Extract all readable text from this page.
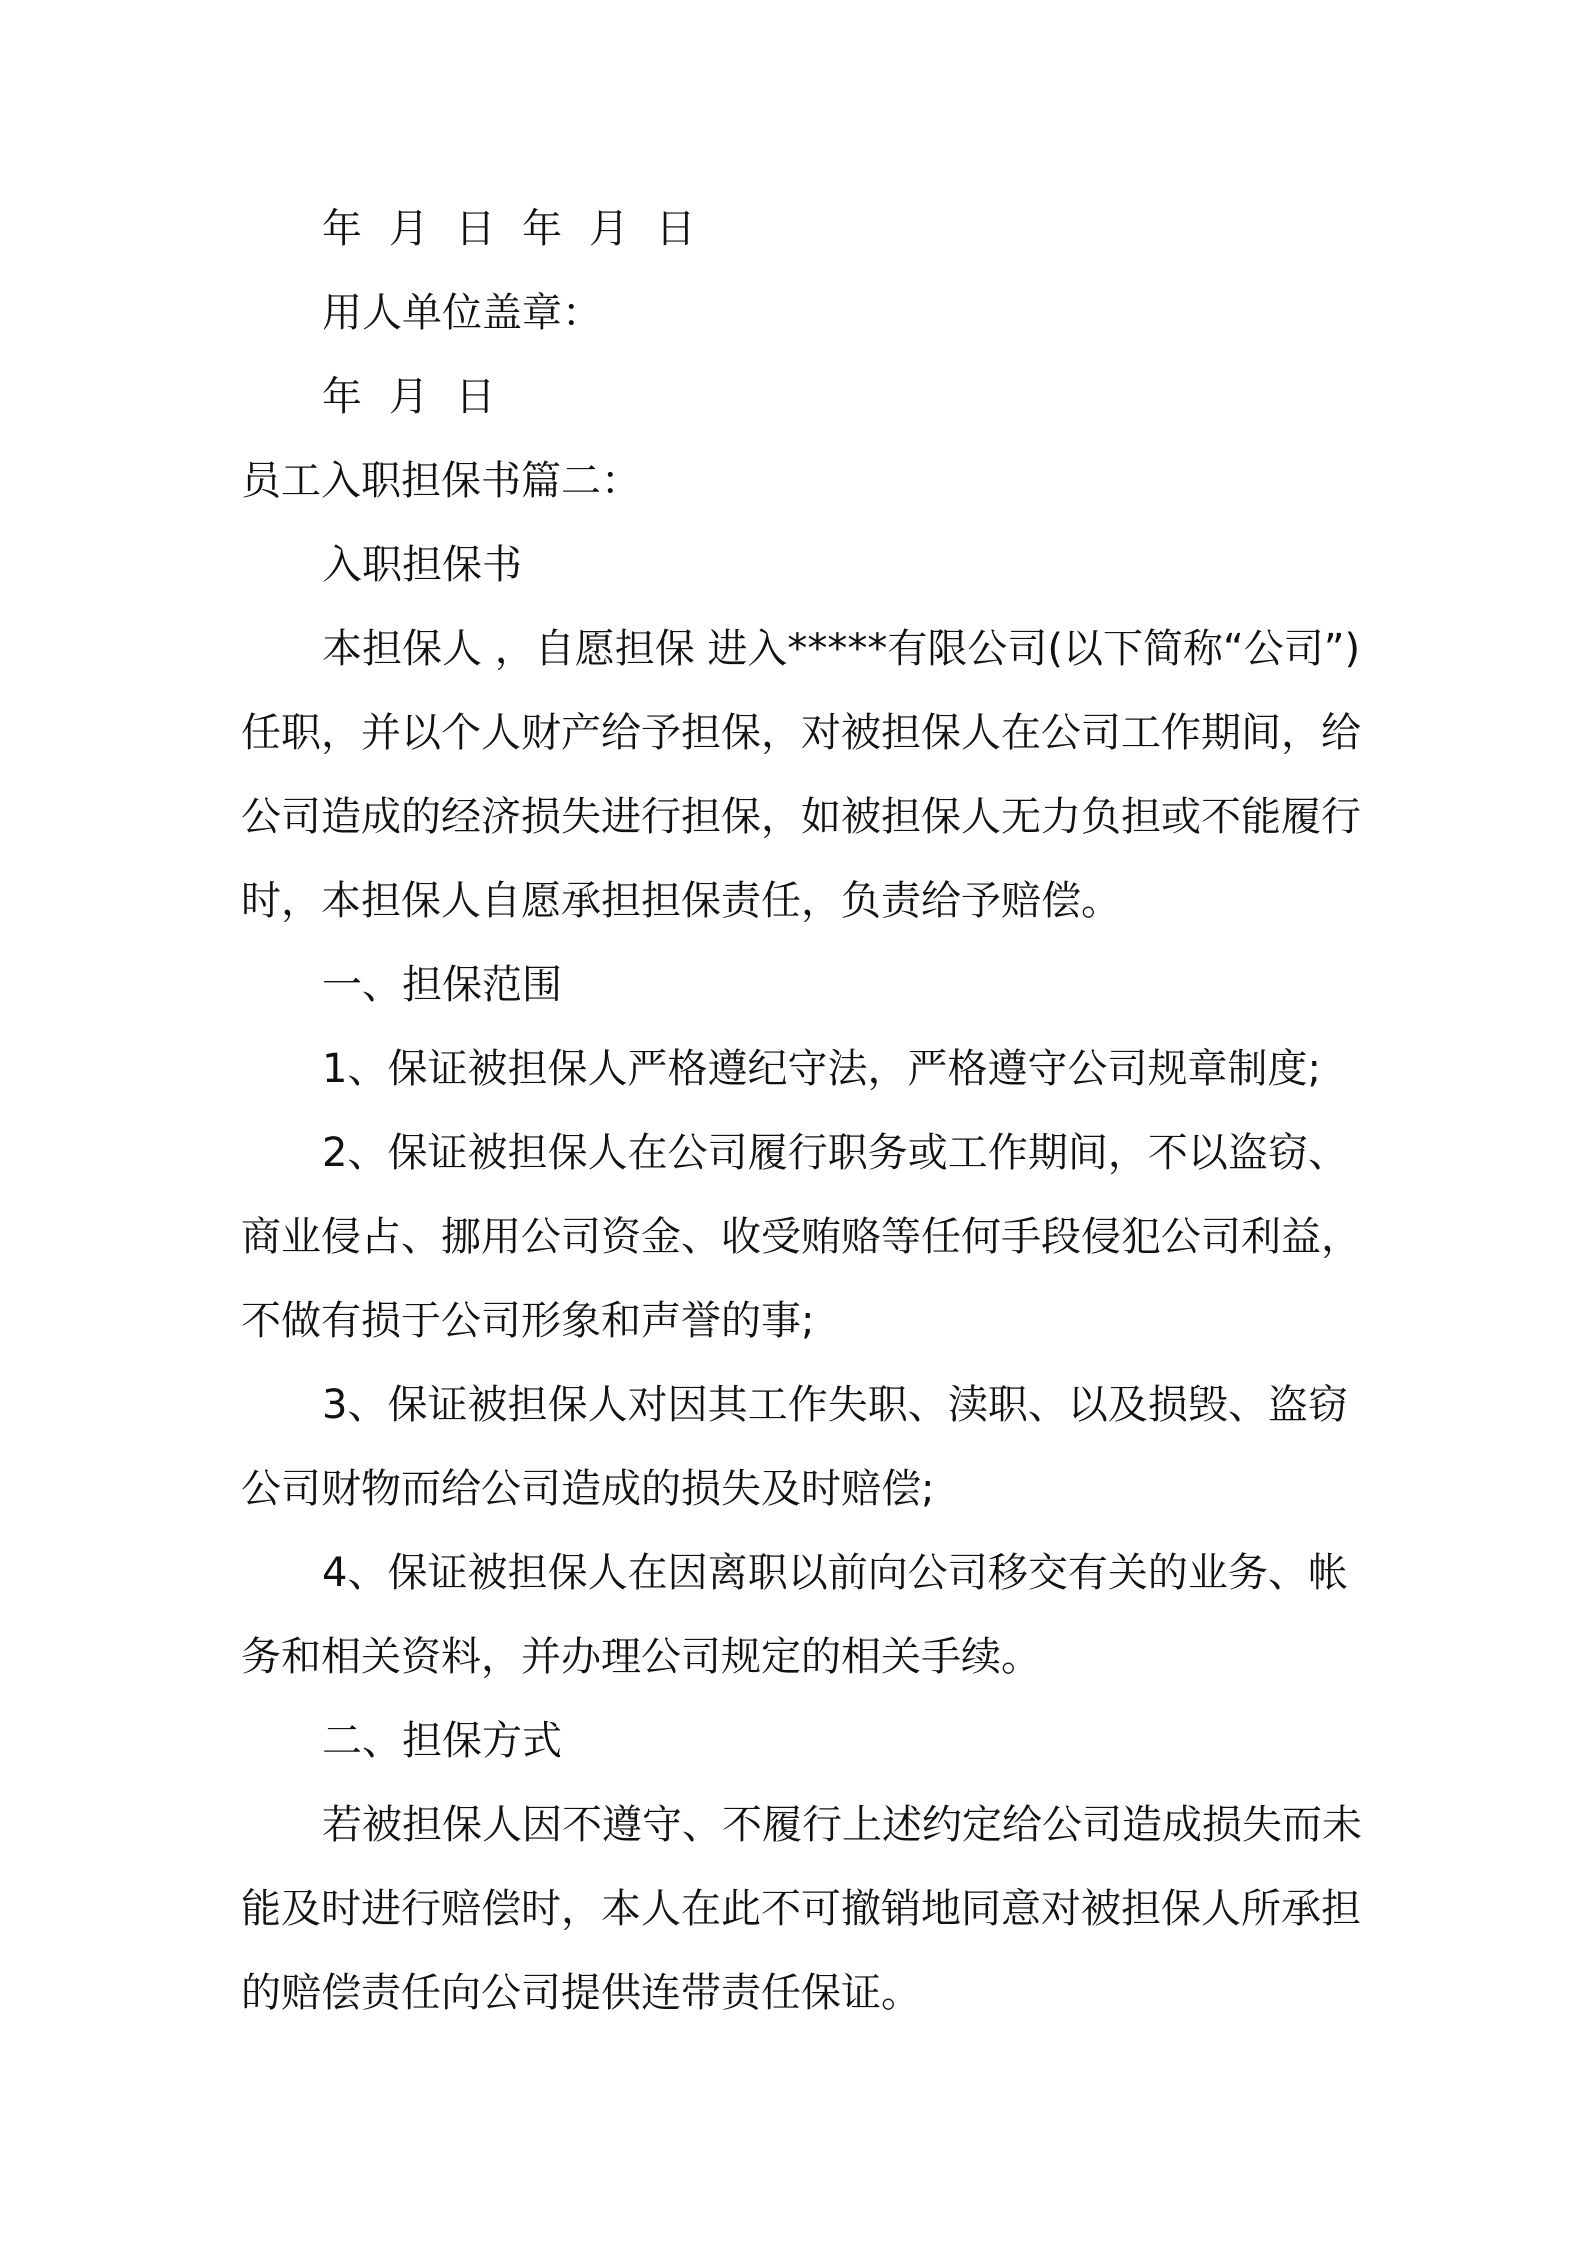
年 月 日 年 月 日
用人单位盖章：
年 月 日
员工入职担保书篇二：
入职担保书
本担保人 ，自愿担保 进入*****有限公司(以下简称“公司”)
任职，并以个人财产给予担保，对被担保人在公司工作期间，给
公司造成的经济损失进行担保，如被担保人无力负担或不能履行
时，本担保人自愿承担担保责任，负责给予赔偿。
一、担保范围
1、保证被担保人严格遵纪守法，严格遵守公司规章制度;
2、保证被担保人在公司履行职务或工作期间，不以盗窃、
商业侵占、挪用公司资金、收受贿赂等任何手段侵犯公司利益，
不做有损于公司形象和声誉的事;
3、保证被担保人对因其工作失职、渎职、以及损毁、盗窃
公司财物而给公司造成的损失及时赔偿;
4、保证被担保人在因离职以前向公司移交有关的业务、帐
务和相关资料，并办理公司规定的相关手续。
二、担保方式
若被担保人因不遵守、不履行上述约定给公司造成损失而未
能及时进行赔偿时，本人在此不可撤销地同意对被担保人所承担
的赔偿责任向公司提供连带责任保证。
